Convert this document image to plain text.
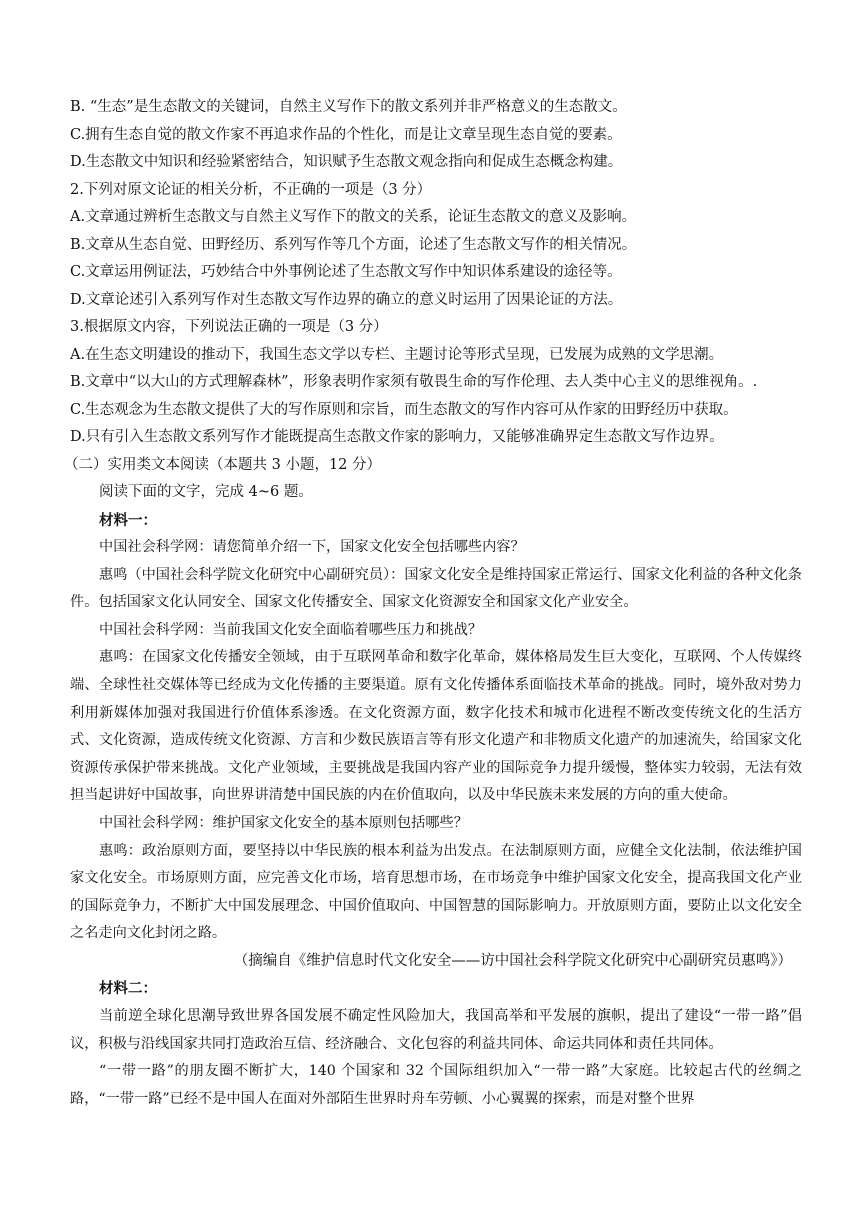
B. “生态”是生态散文的关键词，自然主义写作下的散文系列并非严格意义的生态散文。
C.拥有生态自觉的散文作家不再追求作品的个性化，而是让文章呈现生态自觉的要素。
D.生态散文中知识和经验紧密结合，知识赋予生态散文观念指向和促成生态概念构建。
2.下列对原文论证的相关分析，不正确的一项是（3 分）
A.文章通过辨析生态散文与自然主义写作下的散文的关系，论证生态散文的意义及影响。
B.文章从生态自觉、田野经历、系列写作等几个方面，论述了生态散文写作的相关情况。
C.文章运用例证法，巧妙结合中外事例论述了生态散文写作中知识体系建设的途径等。
D.文章论述引入系列写作对生态散文写作边界的确立的意义时运用了因果论证的方法。
3.根据原文内容，下列说法正确的一项是（3 分）
A.在生态文明建设的推动下，我国生态文学以专栏、主题讨论等形式呈现，已发展为成熟的文学思潮。
B.文章中“以大山的方式理解森林”，形象表明作家须有敬畏生命的写作伦理、去人类中心主义的思维视角。.
C.生态观念为生态散文提供了大的写作原则和宗旨，而生态散文的写作内容可从作家的田野经历中获取。
D.只有引入生态散文系列写作才能既提高生态散文作家的影响力，又能够准确界定生态散文写作边界。
（二）实用类文本阅读（本题共 3 小题，12 分）
阅读下面的文字，完成 4~6 题。
材料一：
中国社会科学网：请您简单介绍一下，国家文化安全包括哪些内容？
惠鸣（中国社会科学院文化研究中心副研究员）：国家文化安全是维持国家正常运行、国家文化利益的各种文化条件。包括国家文化认同安全、国家文化传播安全、国家文化资源安全和国家文化产业安全。
中国社会科学网：当前我国文化安全面临着哪些压力和挑战？
惠鸣：在国家文化传播安全领域，由于互联网革命和数字化革命，媒体格局发生巨大变化，互联网、个人传媒终端、全球性社交媒体等已经成为文化传播的主要渠道。原有文化传播体系面临技术革命的挑战。同时，境外敌对势力利用新媒体加强对我国进行价值体系渗透。在文化资源方面，数字化技术和城市化进程不断改变传统文化的生活方式、文化资源，造成传统文化资源、方言和少数民族语言等有形文化遗产和非物质文化遗产的加速流失，给国家文化资源传承保护带来挑战。文化产业领域，主要挑战是我国内容产业的国际竞争力提升缓慢，整体实力较弱，无法有效担当起讲好中国故事，向世界讲清楚中国民族的内在价值取向，以及中华民族未来发展的方向的重大使命。
中国社会科学网：维护国家文化安全的基本原则包括哪些？
惠鸣：政治原则方面，要坚持以中华民族的根本利益为出发点。在法制原则方面，应健全文化法制，依法维护国家文化安全。市场原则方面，应完善文化市场，培育思想市场，在市场竞争中维护国家文化安全，提高我国文化产业的国际竞争力，不断扩大中国发展理念、中国价值取向、中国智慧的国际影响力。开放原则方面，要防止以文化安全之名走向文化封闭之路。
（摘编自《维护信息时代文化安全——访中国社会科学院文化研究中心副研究员惠鸣》）
材料二：
当前逆全球化思潮导致世界各国发展不确定性风险加大，我国高举和平发展的旗帜，提出了建设“一带一路”倡议，积极与沿线国家共同打造政治互信、经济融合、文化包容的利益共同体、命运共同体和责任共同体。
“一带一路”的朋友圈不断扩大，140 个国家和 32 个国际组织加入“一带一路”大家庭。比较起古代的丝绸之路，“一带一路”已经不是中国人在面对外部陌生世界时舟车劳顿、小心翼翼的探索，而是对整个世界
